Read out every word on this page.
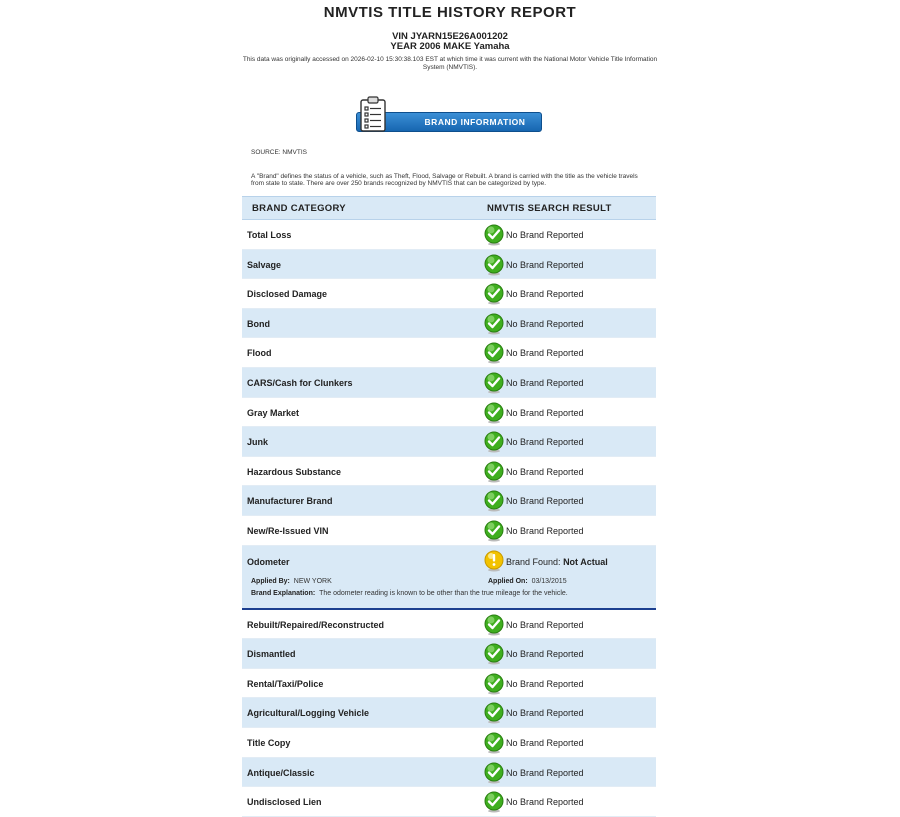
NMVTIS TITLE HISTORY REPORT
VIN JYARN15E26A001202
YEAR 2006 MAKE Yamaha
This data was originally accessed on 2026-02-10 15:30:38.103 EST at which time it was current with the National Motor Vehicle Title Information System (NMVTIS).
BRAND INFORMATION
SOURCE: NMVTIS
A "Brand" defines the status of a vehicle, such as Theft, Flood, Salvage or Rebuilt. A brand is carried with the title as the vehicle travels from state to state. There are over 250 brands recognized by NMVTIS that can be categorized by type.
BRAND CATEGORY	NMVTIS SEARCH RESULT
Total Loss	No Brand Reported
Salvage	No Brand Reported
Disclosed Damage	No Brand Reported
Bond	No Brand Reported
Flood	No Brand Reported
CARS/Cash for Clunkers	No Brand Reported
Gray Market	No Brand Reported
Junk	No Brand Reported
Hazardous Substance	No Brand Reported
Manufacturer Brand	No Brand Reported
New/Re-Issued VIN	No Brand Reported
Odometer	Brand Found: Not Actual
Applied By: NEW YORK	Applied On: 03/13/2015
Brand Explanation: The odometer reading is known to be other than the true mileage for the vehicle.
Rebuilt/Repaired/Reconstructed	No Brand Reported
Dismantled	No Brand Reported
Rental/Taxi/Police	No Brand Reported
Agricultural/Logging Vehicle	No Brand Reported
Title Copy	No Brand Reported
Antique/Classic	No Brand Reported
Undisclosed Lien	No Brand Reported
